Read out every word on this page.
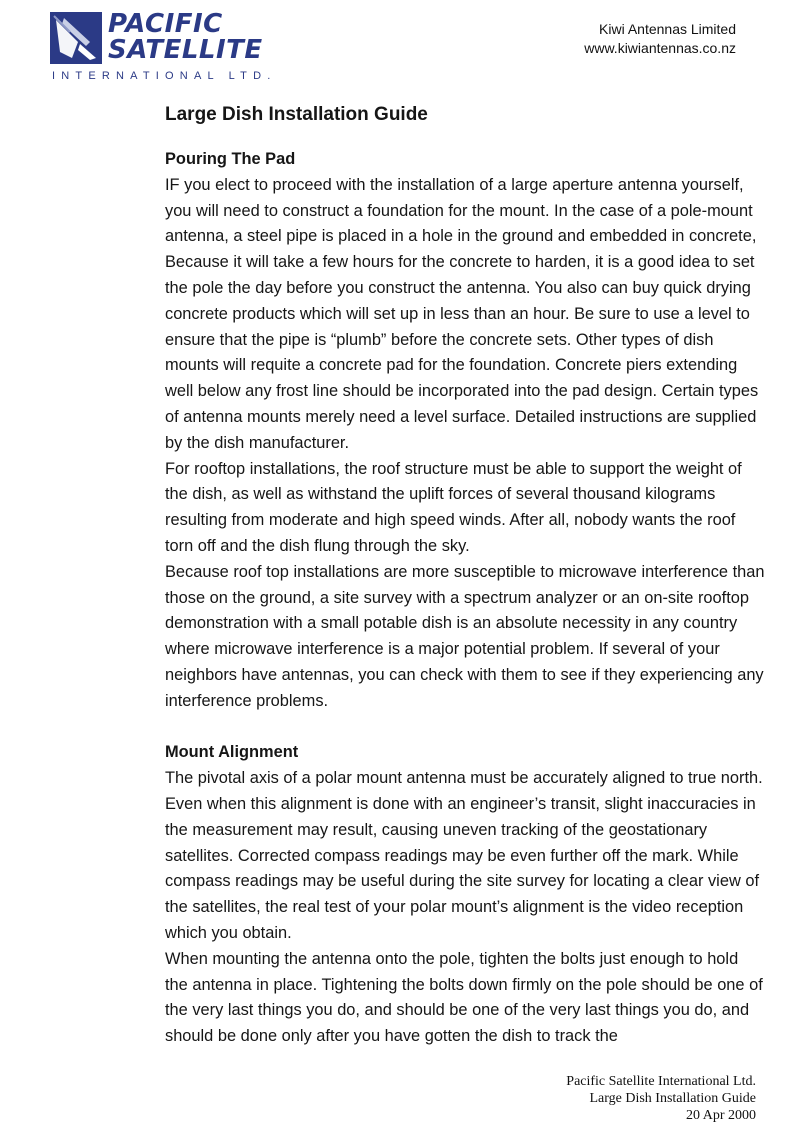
PACIFIC
SATELLITE
INTERNATIONAL LTD.
Kiwi Antennas Limited
www.kiwiantennas.co.nz
Large Dish Installation Guide
Pouring The Pad

IF you elect to proceed with the installation of a large aperture antenna yourself, you will need to construct a foundation for the mount. In the case of a pole-mount antenna, a steel pipe is placed in a hole in the ground and embedded in concrete, Because it will take a few hours for the concrete to harden, it is a good idea to set the pole the day before you construct the antenna. You also can buy quick drying concrete products which will set up in less than an hour. Be sure to use a level to ensure that the pipe is “plumb” before the concrete sets. Other types of dish mounts will requite a concrete pad for the foundation. Concrete piers extending well below any frost line should be incorporated into the pad design. Certain types of antenna mounts merely need a level surface. Detailed instructions are supplied by the dish manufacturer.

For rooftop installations, the roof structure must be able to support the weight of the dish, as well as withstand the uplift forces of several thousand kilograms resulting from moderate and high speed winds. After all, nobody wants the roof torn off and the dish flung through the sky.

Because roof top installations are more susceptible to microwave interference than those on the ground, a site survey with a spectrum analyzer or an on-site rooftop demonstration with a small potable dish is an absolute necessity in any country where microwave interference is a major potential problem. If several of your neighbors have antennas, you can check with them to see if they experiencing any interference problems.

Mount Alignment

The pivotal axis of a polar mount antenna must be accurately aligned to true north. Even when this alignment is done with an engineer’s transit, slight inaccuracies in the measurement may result, causing uneven tracking of the geostationary satellites. Corrected compass readings may be even further off the mark. While compass readings may be useful during the site survey for locating a clear view of the satellites, the real test of your polar mount’s alignment is the video reception which you obtain.

When mounting the antenna onto the pole, tighten the bolts just enough to hold the antenna in place. Tightening the bolts down firmly on the pole should be one of the very last things you do, and should be one of the very last things you do, and should be done only after you have gotten the dish to track the

Pacific Satellite International Ltd.
Large Dish Installation Guide
20 Apr 2000
